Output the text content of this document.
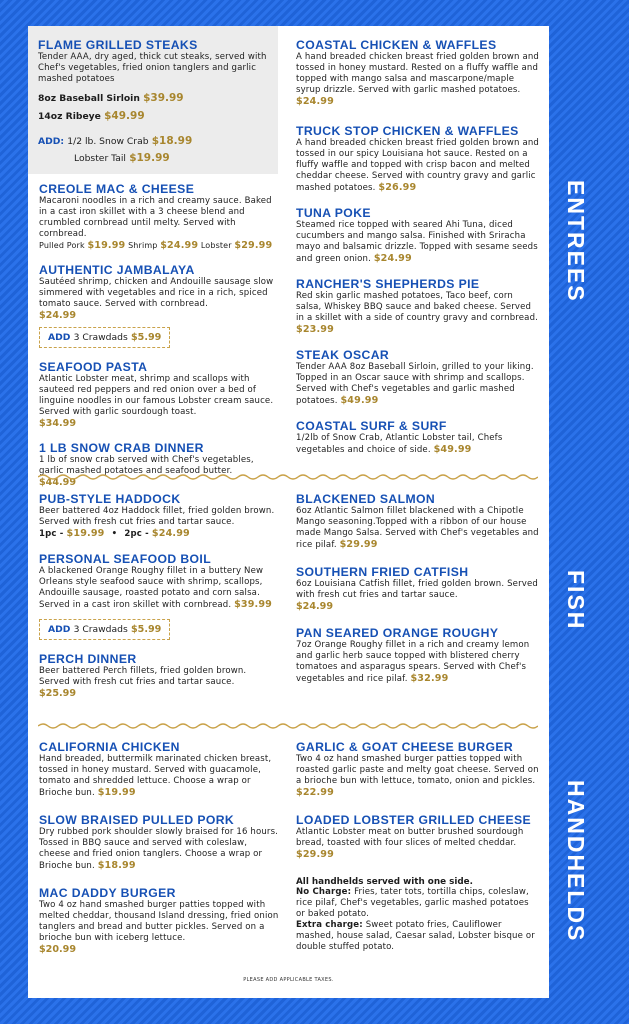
FLAME GRILLED STEAKS
Tender AAA, dry aged, thick cut steaks, served with Chef's vegetables, fried onion tanglers and garlic mashed potatoes
8oz Baseball Sirloin $39.99
14oz Ribeye $49.99
ADD: 1/2 lb. Snow Crab $18.99
Lobster Tail $19.99
CREOLE MAC & CHEESE
Macaroni noodles in a rich and creamy sauce. Baked in a cast iron skillet with a 3 cheese blend and crumbled cornbread until melty. Served with cornbread.
Pulled Pork $19.99 Shrimp $24.99 Lobster $29.99
AUTHENTIC JAMBALAYA
Sautéed shrimp, chicken and Andouille sausage slow simmered with vegetables and rice in a rich, spiced tomato sauce. Served with cornbread.
$24.99
ADD 3 Crawdads $5.99
SEAFOOD PASTA
Atlantic Lobster meat, shrimp and scallops with sauteed red peppers and red onion over a bed of linguine noodles in our famous Lobster cream sauce. Served with garlic sourdough toast.
$34.99
1 LB SNOW CRAB DINNER
1 lb of snow crab served with Chef's vegetables, garlic mashed potatoes and seafood butter.
$44.99
COASTAL CHICKEN & WAFFLES
A hand breaded chicken breast fried golden brown and tossed in honey mustard. Rested on a fluffy waffle and topped with mango salsa and mascarpone/maple syrup drizzle. Served with garlic mashed potatoes. $24.99
TRUCK STOP CHICKEN & WAFFLES
A hand breaded chicken breast fried golden brown and tossed in our spicy Louisiana hot sauce. Rested on a fluffy waffle and topped with crisp bacon and melted cheddar cheese. Served with country gravy and garlic mashed potatoes. $26.99
TUNA POKE
Steamed rice topped with seared Ahi Tuna, diced cucumbers and mango salsa. Finished with Sriracha mayo and balsamic drizzle. Topped with sesame seeds and green onion. $24.99
RANCHER'S SHEPHERDS PIE
Red skin garlic mashed potatoes, Taco beef, corn salsa, Whiskey BBQ sauce and baked cheese. Served in a skillet with a side of country gravy and cornbread. $23.99
STEAK OSCAR
Tender AAA 8oz Baseball Sirloin, grilled to your liking. Topped in an Oscar sauce with shrimp and scallops. Served with Chef's vegetables and garlic mashed potatoes. $49.99
COASTAL SURF & SURF
1/2lb of Snow Crab, Atlantic Lobster tail, Chefs vegetables and choice of side. $49.99
PUB-STYLE HADDOCK
Beer battered 4oz Haddock fillet, fried golden brown. Served with fresh cut fries and tartar sauce.
1pc - $19.99 • 2pc - $24.99
PERSONAL SEAFOOD BOIL
A blackened Orange Roughy fillet in a buttery New Orleans style seafood sauce with shrimp, scallops, Andouille sausage, roasted potato and corn salsa. Served in a cast iron skillet with cornbread. $39.99
ADD 3 Crawdads $5.99
PERCH DINNER
Beer battered Perch fillets, fried golden brown. Served with fresh cut fries and tartar sauce.
$25.99
BLACKENED SALMON
6oz Atlantic Salmon fillet blackened with a Chipotle Mango seasoning.Topped with a ribbon of our house made Mango Salsa. Served with Chef's vegetables and rice pilaf. $29.99
SOUTHERN FRIED CATFISH
6oz Louisiana Catfish fillet, fried golden brown. Served with fresh cut fries and tartar sauce.
$24.99
PAN SEARED ORANGE ROUGHY
7oz Orange Roughy fillet in a rich and creamy lemon and garlic herb sauce topped with blistered cherry tomatoes and asparagus spears. Served with Chef's vegetables and rice pilaf. $32.99
CALIFORNIA CHICKEN
Hand breaded, buttermilk marinated chicken breast, tossed in honey mustard. Served with guacamole, tomato and shredded lettuce. Choose a wrap or Brioche bun. $19.99
SLOW BRAISED PULLED PORK
Dry rubbed pork shoulder slowly braised for 16 hours. Tossed in BBQ sauce and served with coleslaw, cheese and fried onion tanglers. Choose a wrap or Brioche bun. $18.99
MAC DADDY BURGER
Two 4 oz hand smashed burger patties topped with melted cheddar, thousand Island dressing, fried onion tanglers and bread and butter pickles. Served on a brioche bun with iceberg lettuce.
$20.99
GARLIC & GOAT CHEESE BURGER
Two 4 oz hand smashed burger patties topped with roasted garlic paste and melty goat cheese. Served on a brioche bun with lettuce, tomato, onion and pickles. $22.99
LOADED LOBSTER GRILLED CHEESE
Atlantic Lobster meat on butter brushed sourdough bread, toasted with four slices of melted cheddar. $29.99
All handhelds served with one side.
No Charge: Fries, tater tots, tortilla chips, coleslaw, rice pilaf, Chef's vegetables, garlic mashed potatoes or baked potato.
Extra charge: Sweet potato fries, Cauliflower mashed, house salad, Caesar salad, Lobster bisque or double stuffed potato.
PLEASE ADD APPLICABLE TAXES.
ENTREES
FISH
HANDHELDS
